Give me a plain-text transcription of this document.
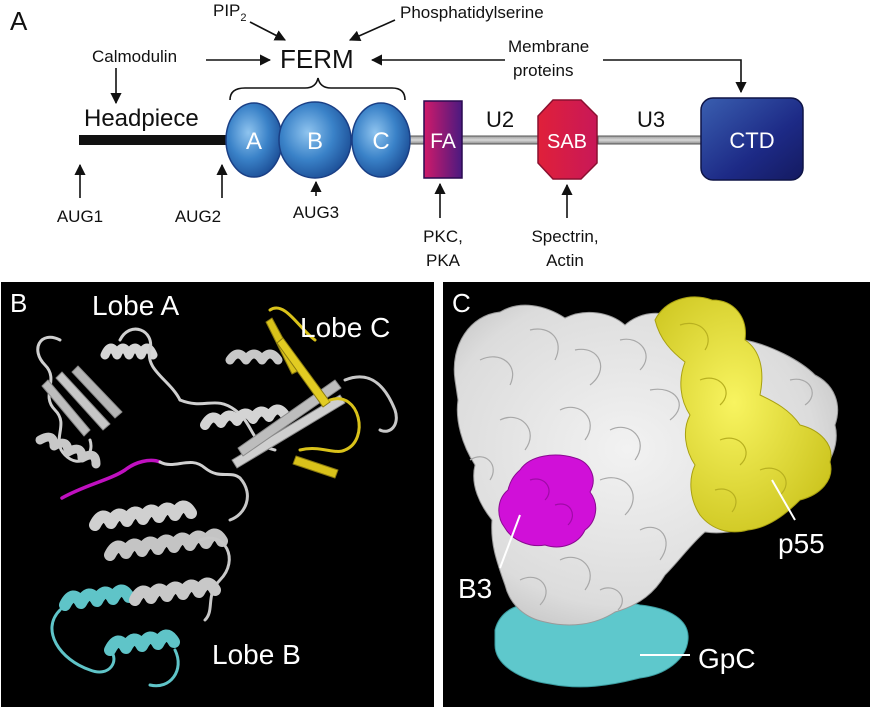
A	$PIP_2$	Phosphatidylserine
Calmodulin	FERM	Membrane
proteins
Headpiece
A B C FA
U2
SAB
U3
CTD
AUG1	AUG2	AUG3
PKC,
PKA
Spectrin,
Actin
B Lobe A
Lobe C
Lobe B
C
B3
p55
GpC
